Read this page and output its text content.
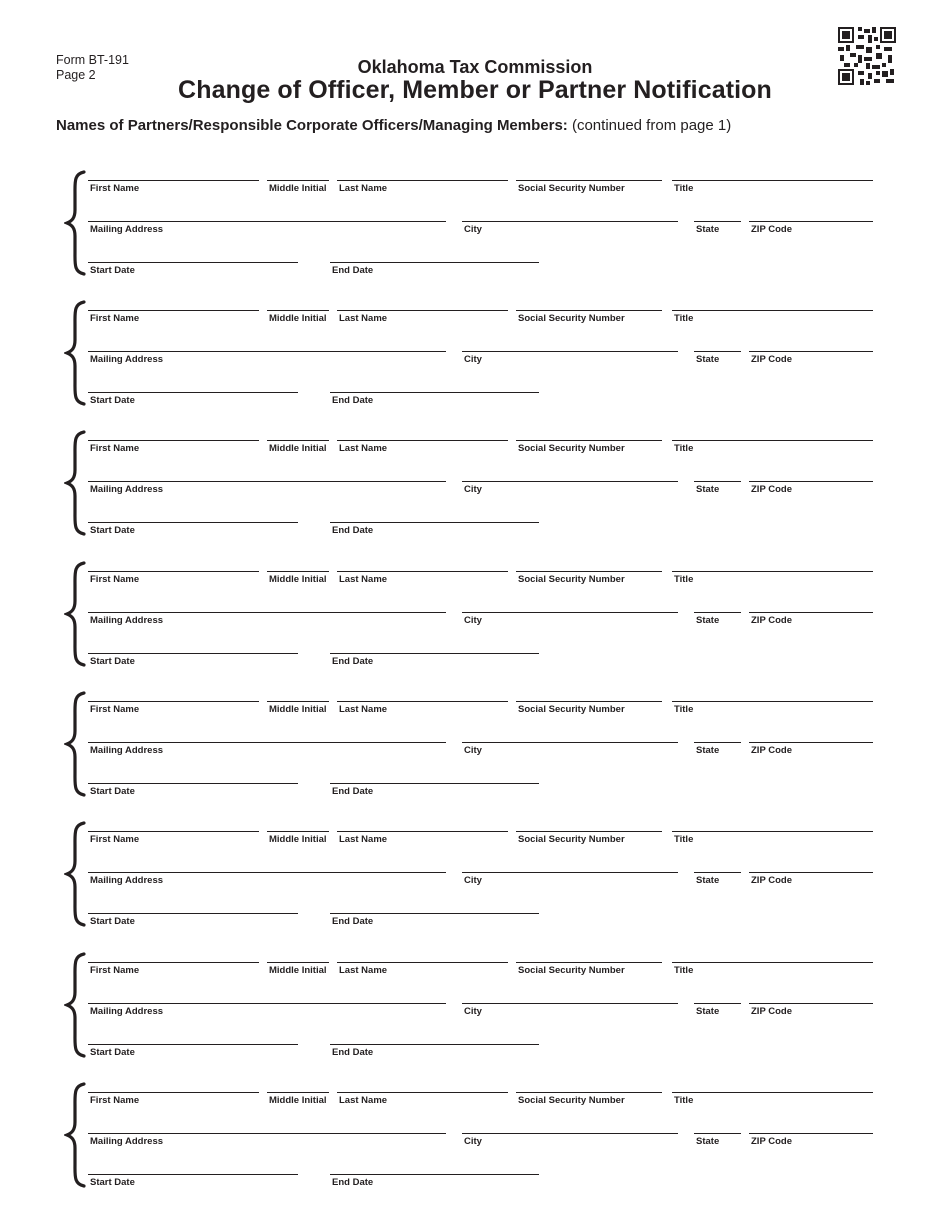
Form BT-191
Page 2	Oklahoma Tax Commission
Change of Officer, Member or Partner Notification
Names of Partners/Responsible Corporate Officers/Managing Members: (continued from page 1)
First Name	Middle Initial Last Name	Social Security Number	Title
Mailing Address	City	State	ZIP Code
Start Date	End Date
First Name	Middle Initial Last Name	Social Security Number	Title
Mailing Address	City	State	ZIP Code
Start Date	End Date
First Name	Middle Initial Last Name	Social Security Number	Title
Mailing Address	City	State	ZIP Code
Start Date	End Date
First Name	Middle Initial Last Name	Social Security Number	Title
Mailing Address	City	State	ZIP Code
Start Date	End Date
First Name	Middle Initial Last Name	Social Security Number	Title
Mailing Address	City	State	ZIP Code
Start Date	End Date
First Name	Middle Initial Last Name	Social Security Number	Title
Mailing Address	City	State	ZIP Code
Start Date	End Date
First Name	Middle Initial Last Name	Social Security Number	Title
Mailing Address	City	State	ZIP Code
Start Date	End Date
First Name	Middle Initial Last Name	Social Security Number	Title
Mailing Address	City	State	ZIP Code
Start Date	End Date
